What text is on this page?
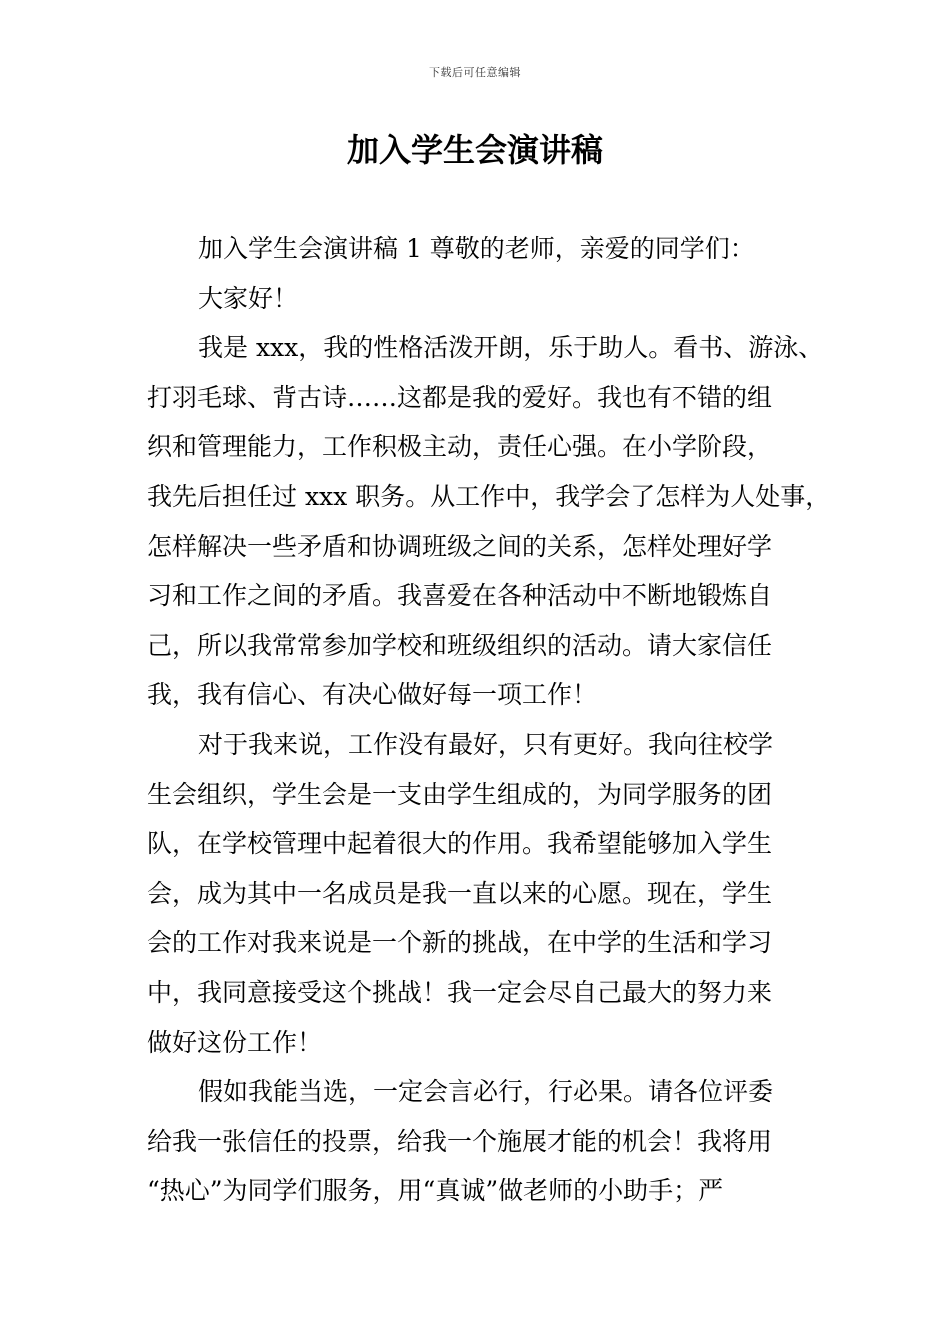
下载后可任意编辑
加入学生会演讲稿
加入学生会演讲稿 1 尊敬的老师，亲爱的同学们：
大家好！
我是 xxx，我的性格活泼开朗，乐于助人。看书、游泳、
打羽毛球、背古诗……这都是我的爱好。我也有不错的组
织和管理能力，工作积极主动，责任心强。在小学阶段，
我先后担任过 xxx 职务。从工作中，我学会了怎样为人处事，
怎样解决一些矛盾和协调班级之间的关系，怎样处理好学
习和工作之间的矛盾。我喜爱在各种活动中不断地锻炼自
己，所以我常常参加学校和班级组织的活动。请大家信任
我，我有信心、有决心做好每一项工作！
对于我来说，工作没有最好，只有更好。我向往校学
生会组织，学生会是一支由学生组成的，为同学服务的团
队，在学校管理中起着很大的作用。我希望能够加入学生
会，成为其中一名成员是我一直以来的心愿。现在，学生
会的工作对我来说是一个新的挑战，在中学的生活和学习
中，我同意接受这个挑战！我一定会尽自己最大的努力来
做好这份工作！
假如我能当选，一定会言必行，行必果。请各位评委
给我一张信任的投票，给我一个施展才能的机会！我将用
“热心”为同学们服务，用“真诚”做老师的小助手；严
